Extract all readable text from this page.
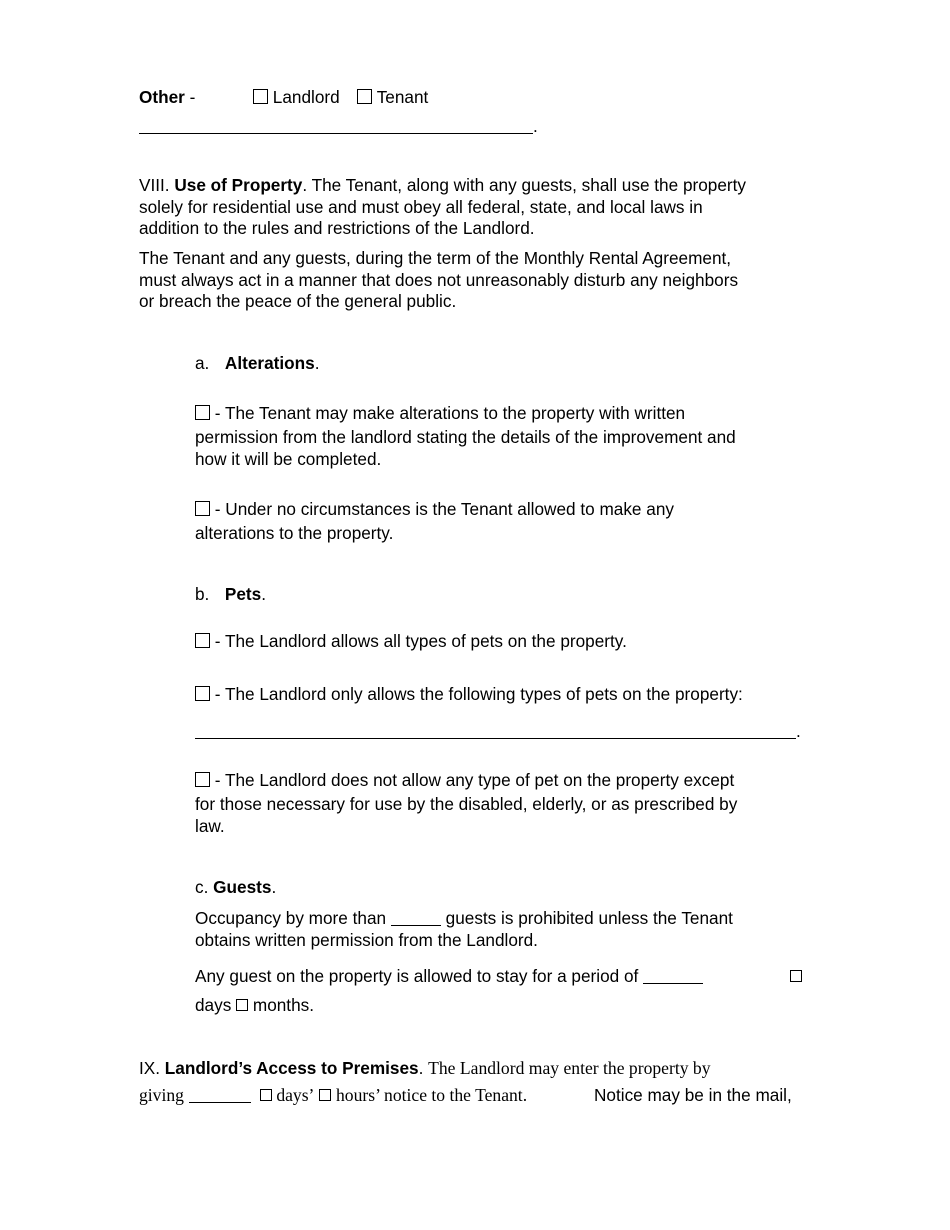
Other -	Landlord Tenant
.
VIII. Use of Property. The Tenant, along with any guests, shall use the property
solely for residential use and must obey all federal, state, and local laws in
addition to the rules and restrictions of the Landlord.
The Tenant and any guests, during the term of the Monthly Rental Agreement,
must always act in a manner that does not unreasonably disturb any neighbors
or breach the peace of the general public.
a. Alterations.
- The Tenant may make alterations to the property with written
permission from the landlord stating the details of the improvement and
how it will be completed.
- Under no circumstances is the Tenant allowed to make any
alterations to the property.
b. Pets.
- The Landlord allows all types of pets on the property.
- The Landlord only allows the following types of pets on the property:
.
- The Landlord does not allow any type of pet on the property except
for those necessary for use by the disabled, elderly, or as prescribed by
law.
c. Guests.
Occupancy by more than	guests is prohibited unless the Tenant
obtains written permission from the Landlord.
Any guest on the property is allowed to stay for a period of
days months.
IX. Landlord’s Access to Premises. The Landlord may enter the property by
giving	days’ hours’ notice to the Tenant.	Notice may be in the mail,
